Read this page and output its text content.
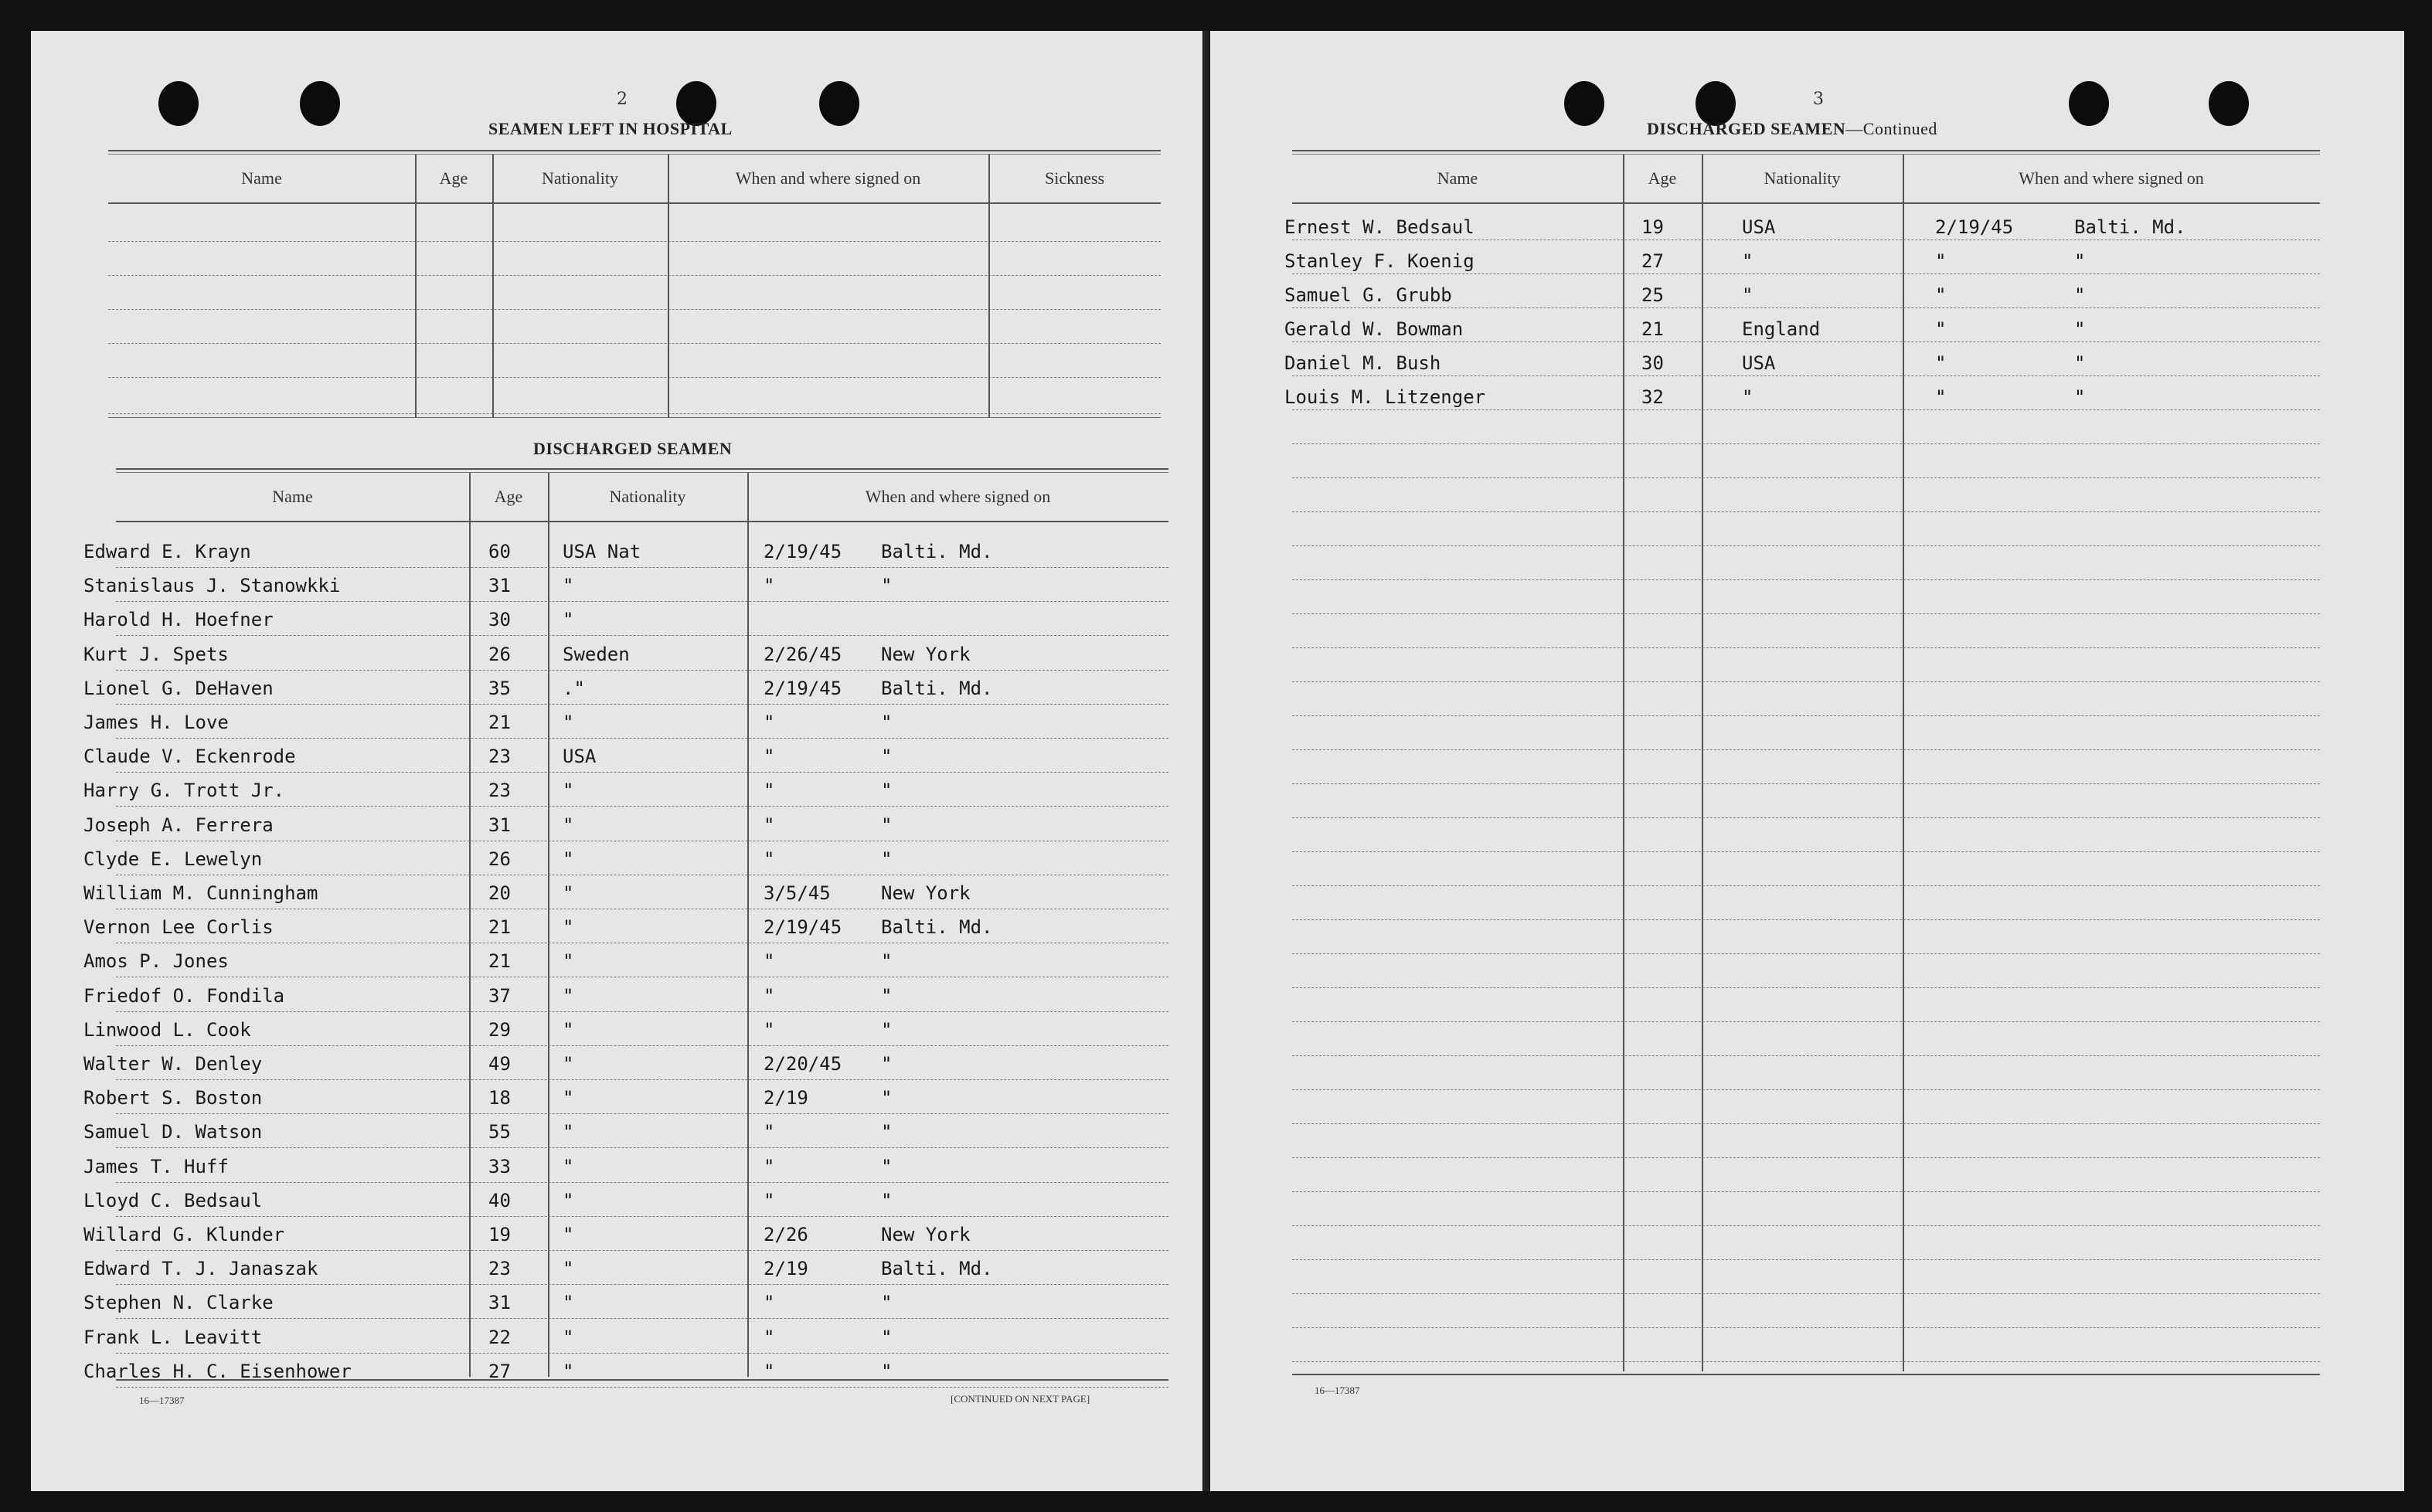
2
SEAMEN LEFT IN HOSPITAL
Name	Age	Nationality	When and where signed on	Sickness
DISCHARGED SEAMEN
Name	Age	Nationality	When and where signed on
Edward E. Krayn	60	USA Nat	2/19/45 Balti. Md.
Stanislaus J. Stanowkki	31	"	"	"
Harold H. Hoefner	30	"
Kurt J. Spets	26	Sweden	2/26/45 New York
Lionel G. DeHaven	35	."	2/19/45 Balti. Md.
James H. Love	21	"	"	"
Claude V. Eckenrode	23	USA	"	"
Harry G. Trott Jr.	23	"	"	"
Joseph A. Ferrera	31	"	"	"
Clyde E. Lewelyn	26	"	"	"
William M. Cunningham	20	"	3/5/45	New York
Vernon Lee Corlis	21	"	2/19/45 Balti. Md.
Amos P. Jones	21	"	"	"
Friedof O. Fondila	37	"	"	"
Linwood L. Cook	29	"	"	"
Walter W. Denley	49	"	2/20/45 "
Robert S. Boston	18	"	2/19	"
Samuel D. Watson	55	"	"	"
James T. Huff	33	"	"	"
Lloyd C. Bedsaul	40	"	"	"
Willard G. Klunder	19	"	2/26	New York
Edward T. J. Janaszak	23	"	2/19	Balti. Md.
Stephen N. Clarke	31	"	"	"
Frank L. Leavitt	22	"	"	"
Charles H. C. Eisenhower	27	"	"	"
16—17387	[CONTINUED ON NEXT PAGE]
3
DISCHARGED SEAMEN—Continued
Name	Age	Nationality	When and where signed on
Ernest W. Bedsaul	19	USA	2/19/45	Balti. Md.
Stanley F. Koenig	27	"	"	"
Samuel G. Grubb	25	"	"	"
Gerald W. Bowman	21	England	"	"
Daniel M. Bush	30	USA	"	"
Louis M. Litzenger	32	"	"	"
16—17387
